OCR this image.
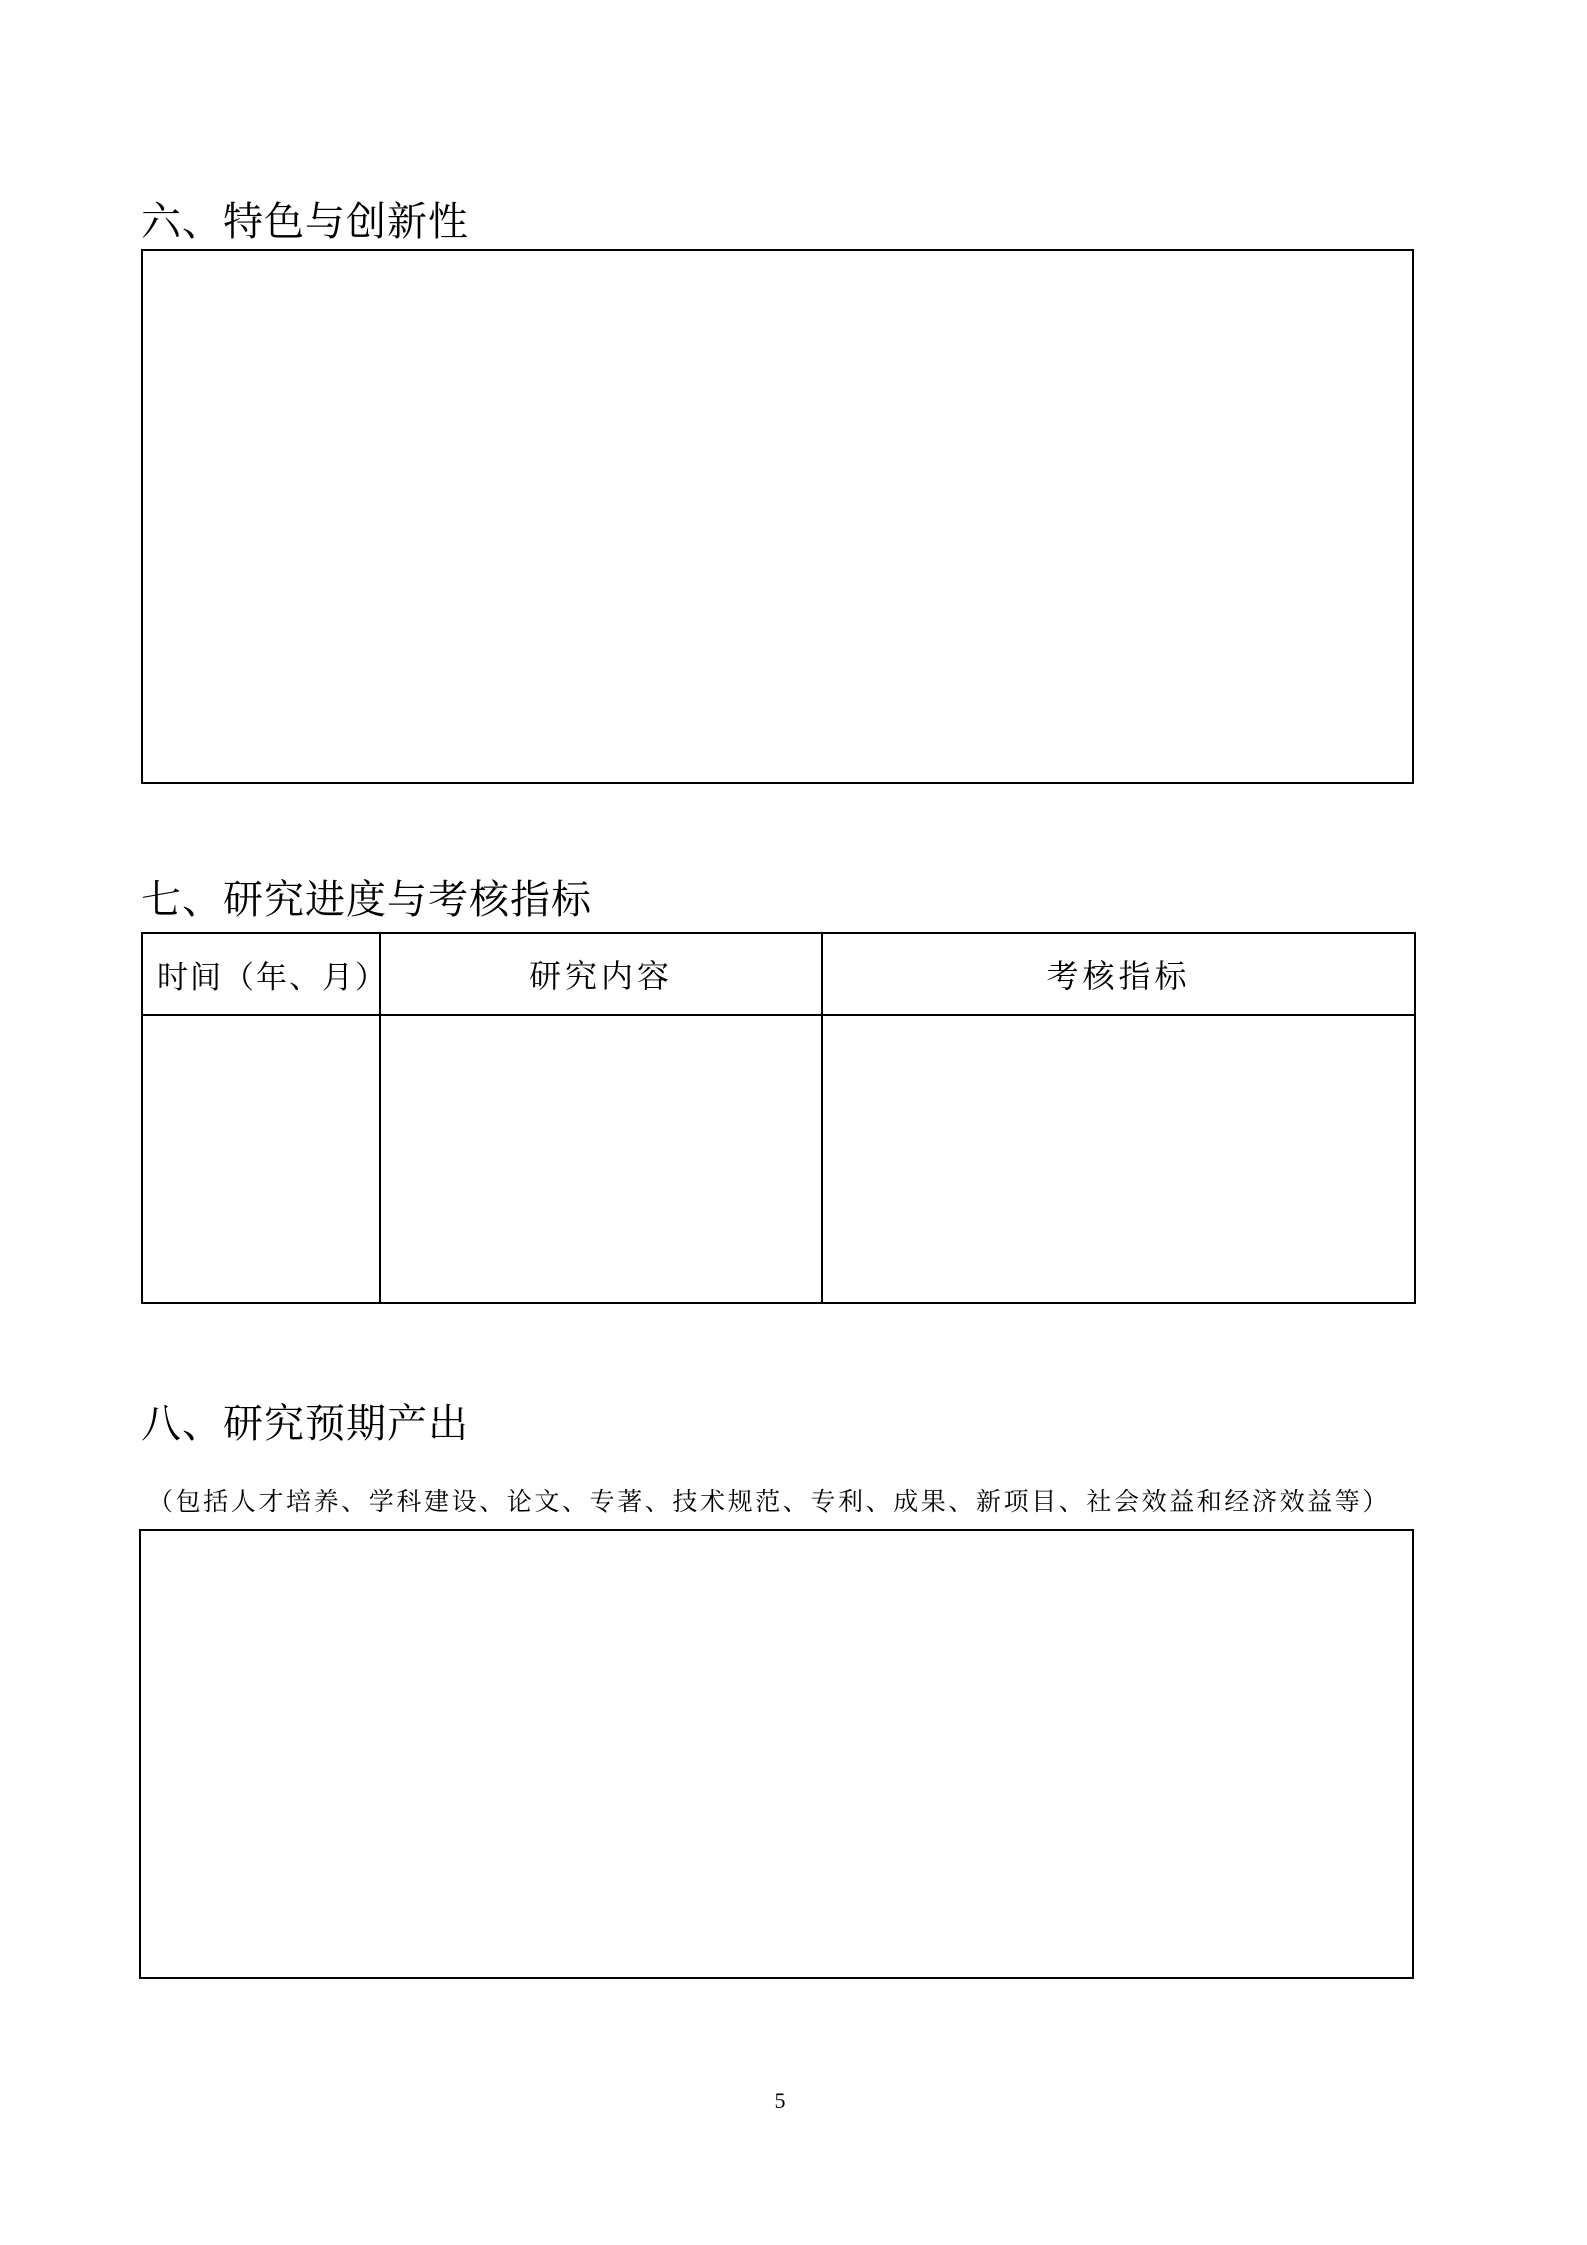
六、特色与创新性
七、研究进度与考核指标
时间（年、月）	研究内容	考核指标

八、研究预期产出
（包括人才培养、学科建设、论文、专著、技术规范、专利、成果、新项目、社会效益和经济效益等）
5
